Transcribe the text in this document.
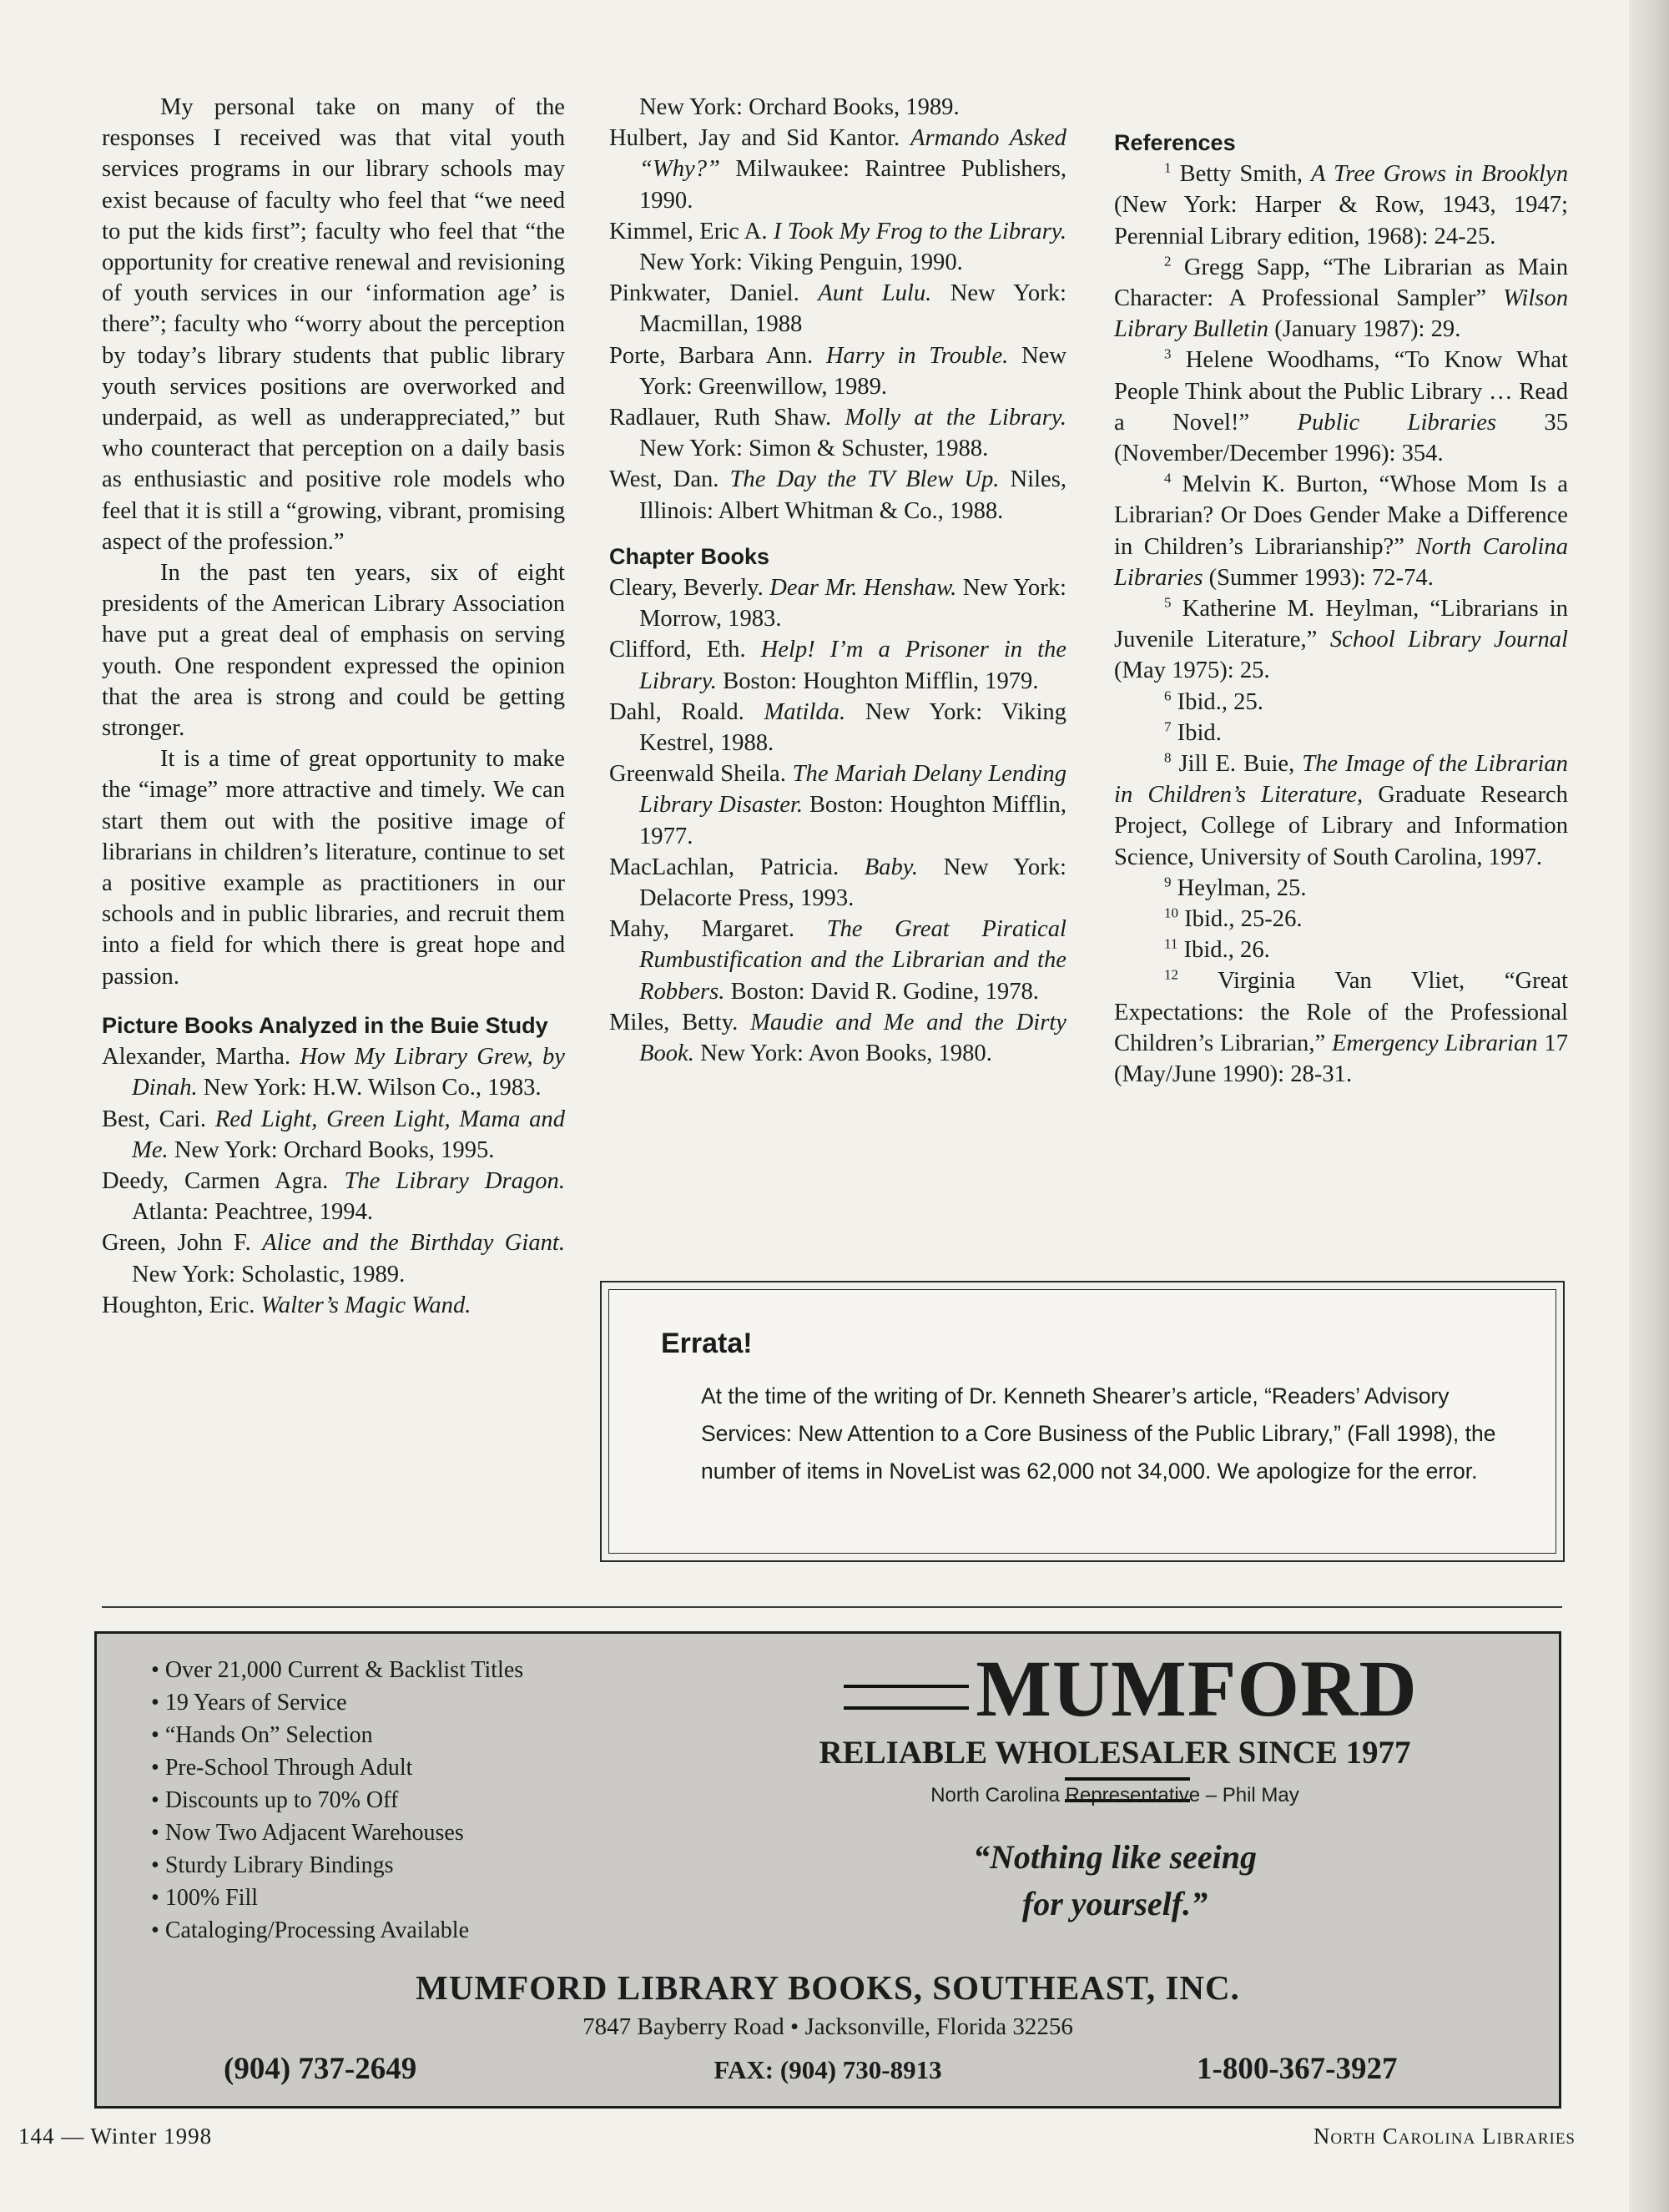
My personal take on many of the responses I received was that vital youth services programs in our library schools may exist because of faculty who feel that “we need to put the kids first”; faculty who feel that “the opportunity for creative renewal and revisioning of youth services in our ‘information age’ is there”; faculty who “worry about the perception by today’s library students that public library youth services positions are overworked and underpaid, as well as underappreciated,” but who counteract that perception on a daily basis as enthusiastic and positive role models who feel that it is still a “growing, vibrant, promising aspect of the profession.”

In the past ten years, six of eight presidents of the American Library Association have put a great deal of emphasis on serving youth. One respondent expressed the opinion that the area is strong and could be getting stronger.

It is a time of great opportunity to make the “image” more attractive and timely. We can start them out with the positive image of librarians in children’s literature, continue to set a positive example as practitioners in our schools and in public libraries, and recruit them into a field for which there is great hope and passion.

Picture Books Analyzed in the Buie Study

Alexander, Martha. How My Library Grew, by Dinah. New York: H.W. Wilson Co., 1983.

Best, Cari. Red Light, Green Light, Mama and Me. New York: Orchard Books, 1995.

Deedy, Carmen Agra. The Library Dragon. Atlanta: Peachtree, 1994.

Green, John F. Alice and the Birthday Giant. New York: Scholastic, 1989.

Houghton, Eric. Walter’s Magic Wand.

New York: Orchard Books, 1989.

Hulbert, Jay and Sid Kantor. Armando Asked “Why?” Milwaukee: Raintree Publishers, 1990.

Kimmel, Eric A. I Took My Frog to the Library. New York: Viking Penguin, 1990.

Pinkwater, Daniel. Aunt Lulu. New York: Macmillan, 1988

Porte, Barbara Ann. Harry in Trouble. New York: Greenwillow, 1989.

Radlauer, Ruth Shaw. Molly at the Library. New York: Simon & Schuster, 1988.

West, Dan. The Day the TV Blew Up. Niles, Illinois: Albert Whitman & Co., 1988.

Chapter Books

Cleary, Beverly. Dear Mr. Henshaw. New York: Morrow, 1983.

Clifford, Eth. Help! I’m a Prisoner in the Library. Boston: Houghton Mifflin, 1979.

Dahl, Roald. Matilda. New York: Viking Kestrel, 1988.

Greenwald Sheila. The Mariah Delany Lending Library Disaster. Boston: Houghton Mifflin, 1977.

MacLachlan, Patricia. Baby. New York: Delacorte Press, 1993.

Mahy, Margaret. The Great Piratical Rumbustification and the Librarian and the Robbers. Boston: David R. Godine, 1978.

Miles, Betty. Maudie and Me and the Dirty Book. New York: Avon Books, 1980.

References

$^1$ Betty Smith, A Tree Grows in Brooklyn (New York: Harper & Row, 1943, 1947; Perennial Library edition, 1968): 24-25.

$^2$ Gregg Sapp, “The Librarian as Main Character: A Professional Sampler” Wilson Library Bulletin (January 1987): 29.

$^3$ Helene Woodhams, “To Know What People Think about the Public Library … Read a Novel!” Public Libraries 35 (November/December 1996): 354.

$^4$ Melvin K. Burton, “Whose Mom Is a Librarian? Or Does Gender Make a Difference in Children’s Librarianship?” North Carolina Libraries (Summer 1993): 72-74.

$^5$ Katherine M. Heylman, “Librarians in Juvenile Literature,” School Library Journal (May 1975): 25.

$^6$ Ibid., 25.

$^7$ Ibid.

$^8$ Jill E. Buie, The Image of the Librarian in Children’s Literature, Graduate Research Project, College of Library and Information Science, University of South Carolina, 1997.

$^9$ Heylman, 25.

$^{10}$ Ibid., 25-26.

$^{11}$ Ibid., 26.

$^{12}$ Virginia Van Vliet, “Great Expectations: the Role of the Professional Children’s Librarian,” Emergency Librarian 17 (May/June 1990): 28-31.

Errata!
At the time of the writing of Dr. Kenneth Shearer’s article, “Readers’ Advisory Services: New Attention to a Core Business of the Public Library,” (Fall 1998), the number of items in NoveList was 62,000 not 34,000. We apologize for the error.
• Over 21,000 Current & Backlist Titles
• 19 Years of Service
• “Hands On” Selection
• Pre-School Through Adult
• Discounts up to 70% Off
• Now Two Adjacent Warehouses
• Sturdy Library Bindings
• 100% Fill
• Cataloging/Processing Available
MUMFORD
RELIABLE WHOLESALER SINCE 1977
North Carolina Representative – Phil May
“Nothing like seeing
for yourself.”
MUMFORD LIBRARY BOOKS, SOUTHEAST, INC.
7847 Bayberry Road • Jacksonville, Florida 32256
(904) 737-2649	FAX: (904) 730-8913	1-800-367-3927
144 — Winter 1998	North Carolina Libraries
